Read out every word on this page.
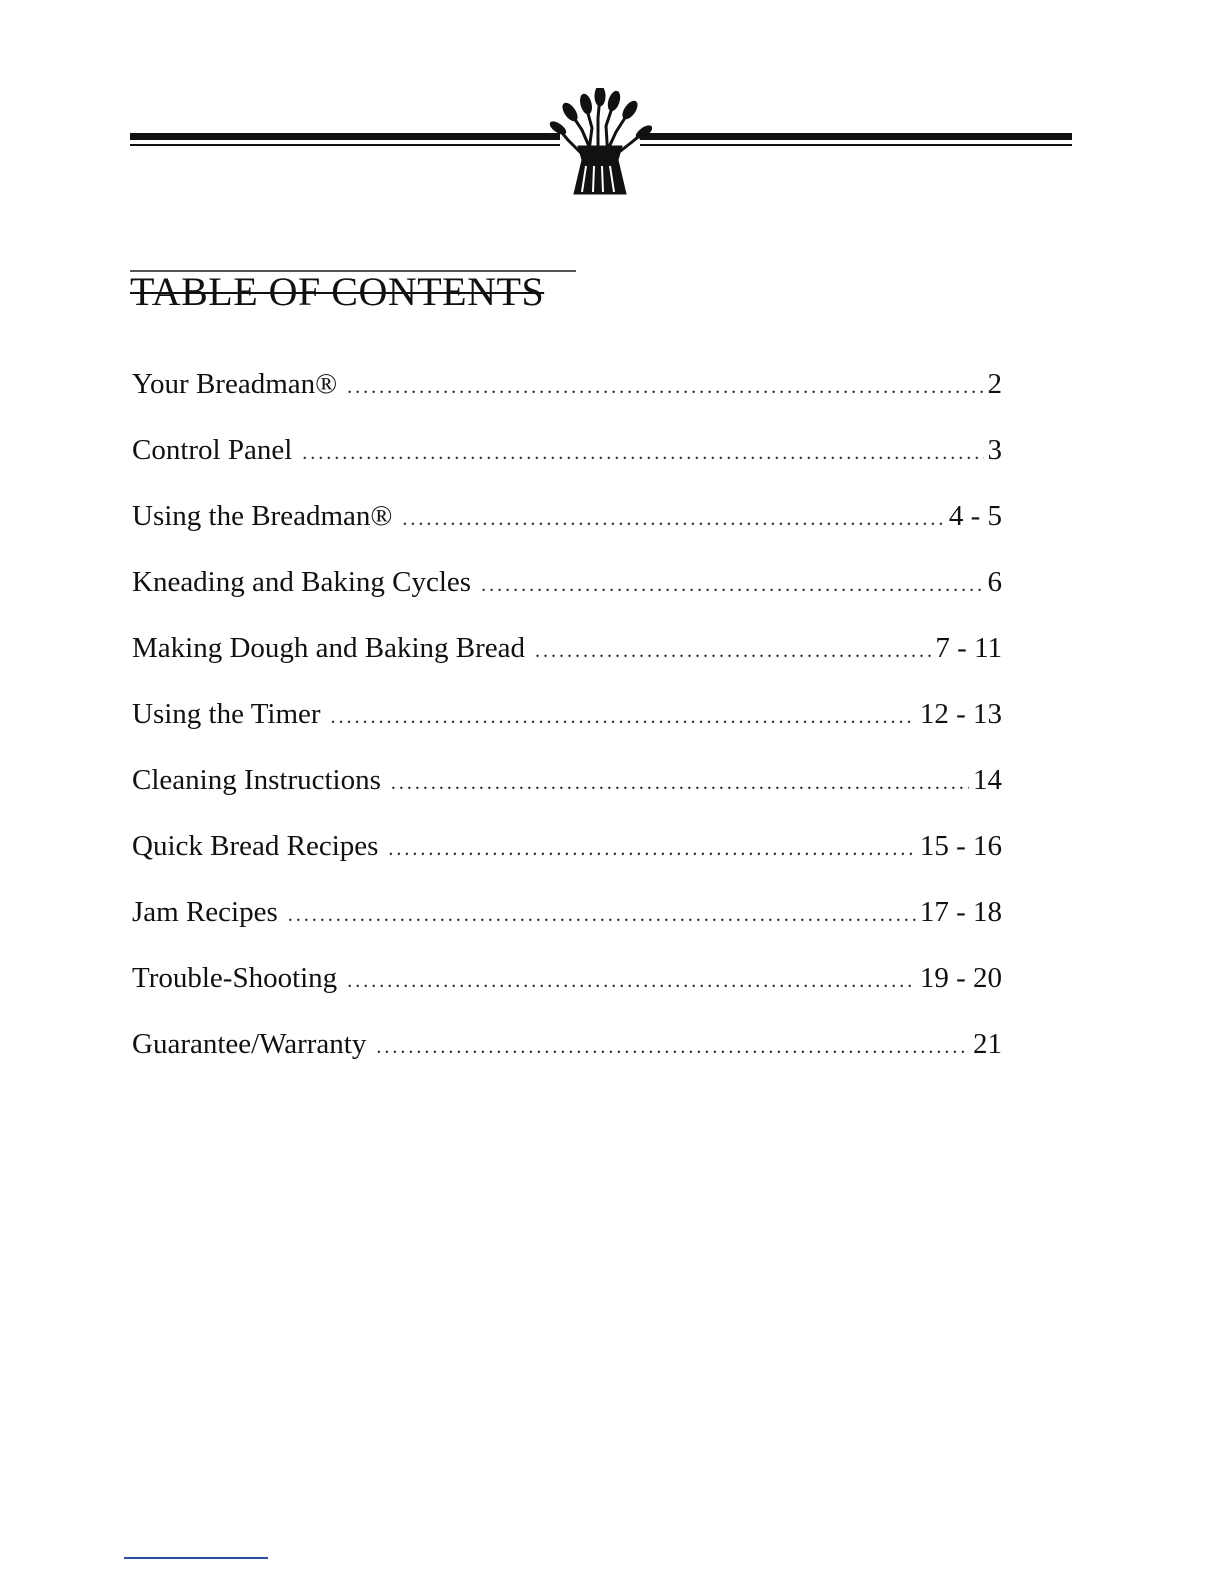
TABLE OF CONTENTS
Your Breadman® . . .	2
Control Panel . . .	3
Using the Breadman® . . .	4 - 5
Kneading and Baking Cycles . . .	6
Making Dough and Baking Bread . . .	7 - 11
Using the Timer . . .	12 - 13
Cleaning Instructions . . .	14
Quick Bread Recipes . . .	15 - 16
Jam Recipes . . .	17 - 18
Trouble-Shooting . . .	19 - 20
Guarantee/Warranty . . .	21
